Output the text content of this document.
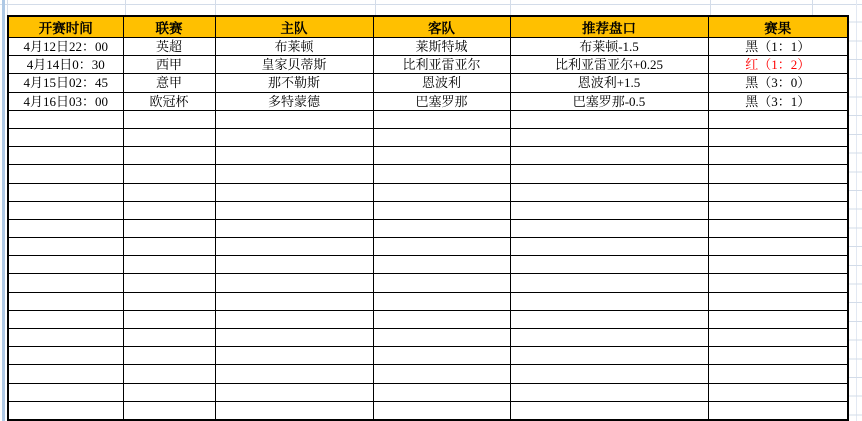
开赛时间	联赛	主队	客队	推荐盘口	赛果
4月12日22：00	英超	布莱顿	莱斯特城	布莱顿-1.5	黑（1：1）
4月14日0：30	西甲	皇家贝蒂斯	比利亚雷亚尔	比利亚雷亚尔+0.25	红（1：2）
4月15日02：45	意甲	那不勒斯	恩波利	恩波利+1.5	黑（3：0）
4月16日03：00	欧冠杯	多特蒙德	巴塞罗那	巴塞罗那-0.5	黑（3：1）
